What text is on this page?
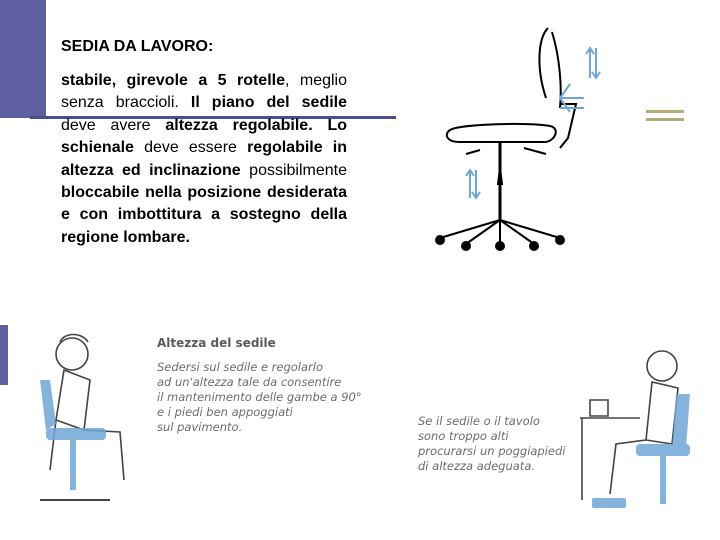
SEDIA DA LAVORO:
stabile, girevole a 5 rotelle, meglio senza braccioli. Il piano del sedile deve avere altezza regolabile. Lo schienale deve essere regolabile in altezza ed inclinazione possibilmente bloccabile nella posizione desiderata e con imbottitura a sostegno della regione lombare.
Altezza del sedile
Sedersi sul sedile e regolarlo
ad un'altezza tale da consentire
il mantenimento delle gambe a 90°
e i piedi ben appoggiati
sul pavimento.	Se il sedile o il tavolo
sono troppo alti
procurarsi un poggiapiedi
di altezza adeguata.
